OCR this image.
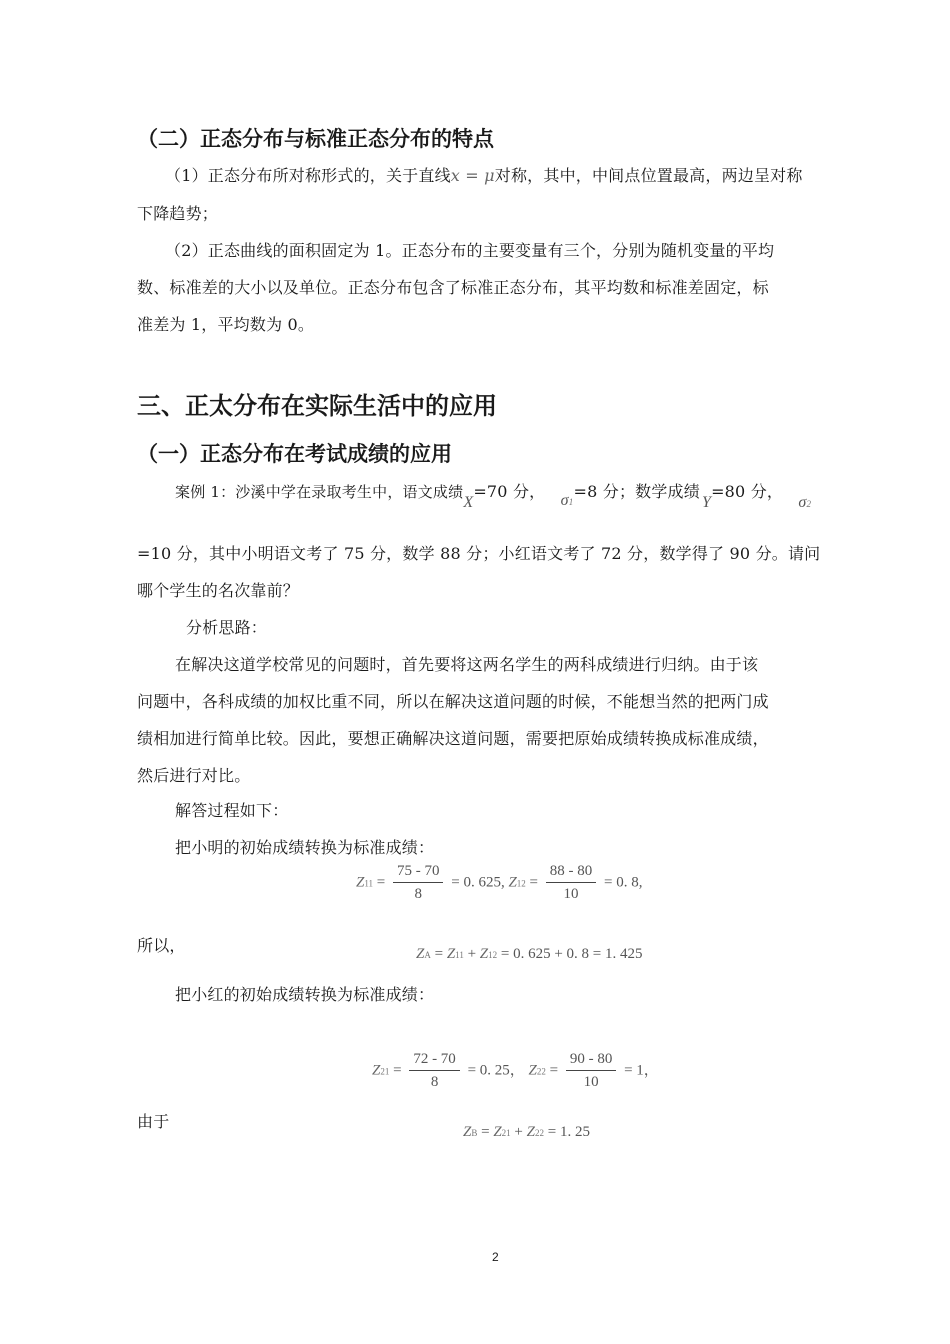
（二）正态分布与标准正态分布的特点
（1）正态分布所对称形式的，关于直线x = μ对称，其中，中间点位置最高，两边呈对称
下降趋势；
（2）正态曲线的面积固定为 1。正态分布的主要变量有三个，分别为随机变量的平均
数、标准差的大小以及单位。正态分布包含了标准正态分布，其平均数和标准差固定，标
准差为 1，平均数为 0。
三、正太分布在实际生活中的应用
（一）正态分布在考试成绩的应用
案例 1：沙溪中学在录取考生中，语文成绩X=70 分， σ1=8 分；数学成绩Y=80 分， σ2
=10 分，其中小明语文考了 75 分，数学 88 分；小红语文考了 72 分，数学得了 90 分。请问
哪个学生的名次靠前？
分析思路：
在解决这道学校常见的问题时，首先要将这两名学生的两科成绩进行归纳。由于该
问题中，各科成绩的加权比重不同，所以在解决这道问题的时候，不能想当然的把两门成
绩相加进行简单比较。因此，要想正确解决这道问题，需要把原始成绩转换成标准成绩，
然后进行对比。
解答过程如下：
把小明的初始成绩转换为标准成绩：
$Z11 = \frac{75 - 70}{8} = 0$. 625, $Z12 = \frac{88 - 80}{10} = 0$. 8,
所以，	ZA = Z11 + Z12 = 0. 625 + 0. 8 = 1. 425
把小红的初始成绩转换为标准成绩：
$Z21 = \frac{72 - 70}{8} = 0$. 25， $Z22 = \frac{90 - 80}{10} = 1$，
由于
ZB = Z21 + Z22 = 1. 25
2
